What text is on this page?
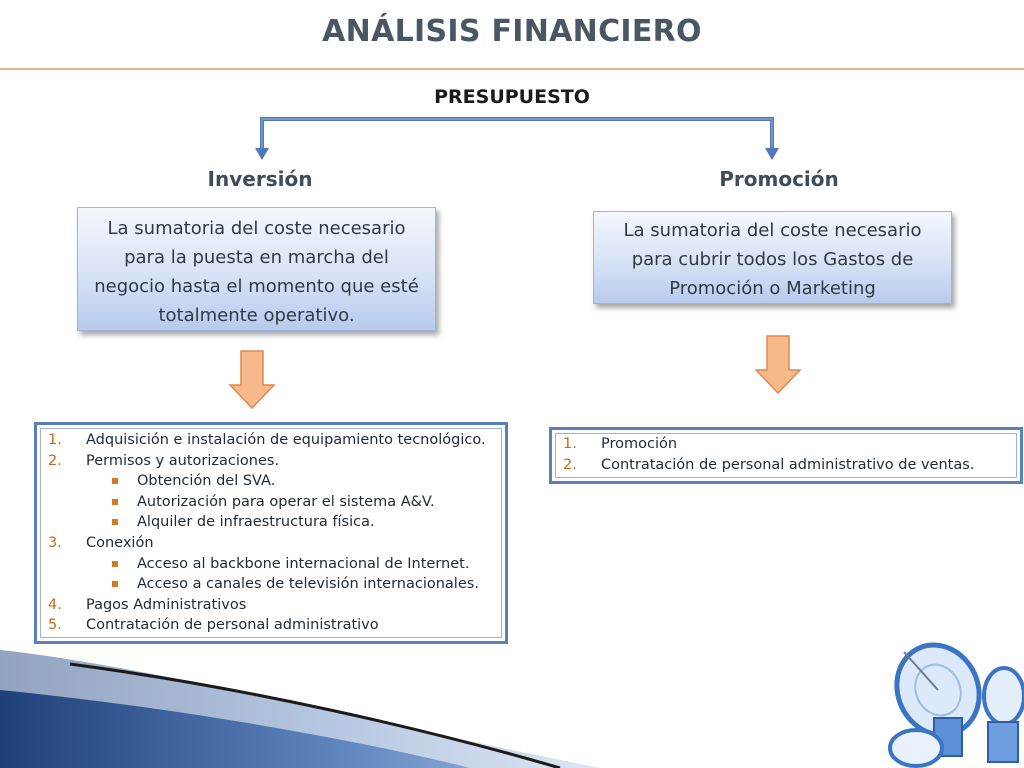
ANÁLISIS FINANCIERO
PRESUPUESTO
Inversión	Promoción
La sumatoria del coste necesario para la puesta en marcha del negocio hasta el momento que esté totalmente operativo.
La sumatoria del coste necesario para cubrir todos los Gastos de Promoción o Marketing
1. Adquisición e instalación de equipamiento tecnológico.
2. Permisos y autorizaciones.
Obtención del SVA.
Autorización para operar el sistema A&V.
Alquiler de infraestructura física.
3. Conexión
Acceso al backbone internacional de Internet.
Acceso a canales de televisión internacionales.
4. Pagos Administrativos
5. Contratación de personal administrativo
1. Promoción
2. Contratación de personal administrativo de ventas.
